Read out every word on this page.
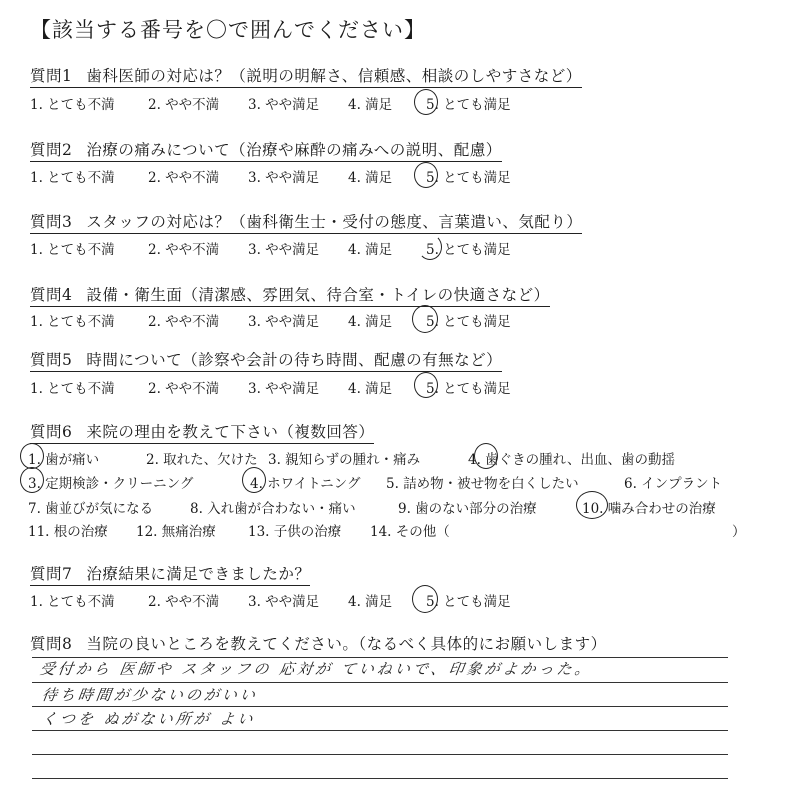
【該当する番号を〇で囲んでください】
質問1 歯科医師の対応は？（説明の明解さ、信頼感、相談のしやすさなど）
1. とても不満 2. やや不満 3. やや満足 4. 満足	5. とても満足
質問2 治療の痛みについて（治療や麻酔の痛みへの説明、配慮）
1. とても不満 2. やや不満 3. やや満足 4. 満足	5. とても満足
質問3 スタッフの対応は？（歯科衛生士・受付の態度、言葉遣い、気配り）
1. とても不満 2. やや不満 3. やや満足 4. 満足	5. とても満足
質問4 設備・衛生面（清潔感、雰囲気、待合室・トイレの快適さなど）
1. とても不満 2. やや不満 3. やや満足 4. 満足	5. とても満足
質問5 時間について（診察や会計の待ち時間、配慮の有無など）
1. とても不満 2. やや不満 3. やや満足 4. 満足	5. とても満足
質問6 来院の理由を教えて下さい（複数回答）
1. 歯が痛い	2. 取れた、欠けた 3. 親知らずの腫れ・痛み	4. 歯ぐきの腫れ、出血、歯の動揺
3. 定期検診・クリーニング	4. ホワイトニング 5. 詰め物・被せ物を白くしたい	6. インプラント
7. 歯並びが気になる	8. 入れ歯が合わない・痛い	9. 歯のない部分の治療	10. 噛み合わせの治療
11. 根の治療 12. 無痛治療 13. 子供の治療 14. その他（	）
質問7 治療結果に満足できましたか？
1. とても不満 2. やや不満 3. やや満足 4. 満足	5. とても満足
質問8 当院の良いところを教えてください。（なるべく具体的にお願いします）
受付から 医師や スタッフの 応対が ていねいで、印象がよかった。
待ち時間が少ないのがいい
くつを ぬがない所が よい
